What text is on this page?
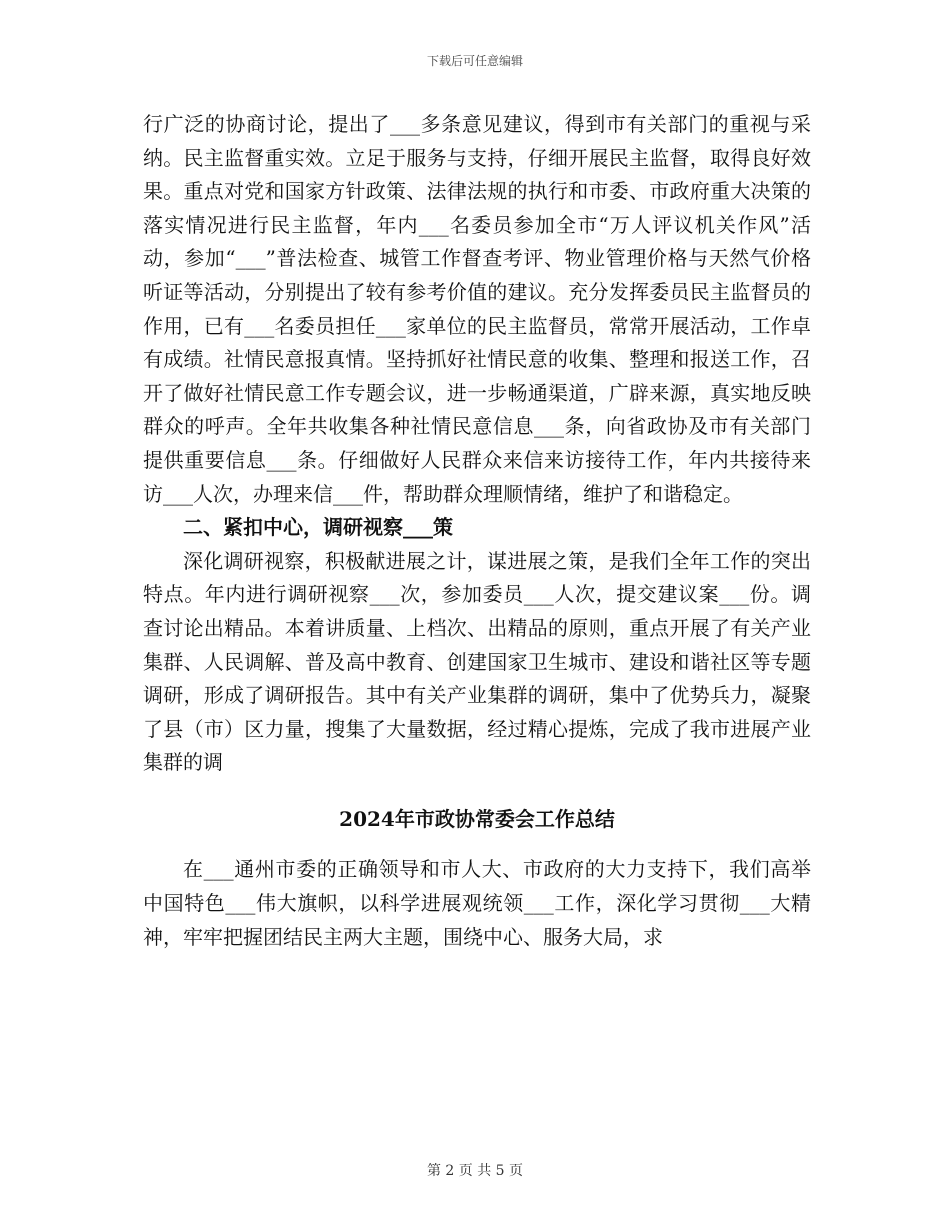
下载后可任意编辑

行广泛的协商讨论，提出了___多条意见建议，得到市有关部门的重视与采纳。民主监督重实效。立足于服务与支持，仔细开展民主监督，取得良好效果。重点对党和国家方针政策、法律法规的执行和市委、市政府重大决策的落实情况进行民主监督，年内___名委员参加全市“万人评议机关作风”活动，参加“___”普法检查、城管工作督查考评、物业管理价格与天然气价格听证等活动，分别提出了较有参考价值的建议。充分发挥委员民主监督员的作用，已有___名委员担任___家单位的民主监督员，常常开展活动，工作卓有成绩。社情民意报真情。坚持抓好社情民意的收集、整理和报送工作，召开了做好社情民意工作专题会议，进一步畅通渠道，广辟来源，真实地反映群众的呼声。全年共收集各种社情民意信息___条，向省政协及市有关部门提供重要信息___条。仔细做好人民群众来信来访接待工作，年内共接待来访___人次，办理来信___件，帮助群众理顺情绪，维护了和谐稳定。

二、紧扣中心，调研视察___策

深化调研视察，积极献进展之计，谋进展之策，是我们全年工作的突出特点。年内进行调研视察___次，参加委员___人次，提交建议案___份。调查讨论出精品。本着讲质量、上档次、出精品的原则，重点开展了有关产业集群、人民调解、普及高中教育、创建国家卫生城市、建设和谐社区等专题调研，形成了调研报告。其中有关产业集群的调研，集中了优势兵力，凝聚了县（市）区力量，搜集了大量数据，经过精心提炼，完成了我市进展产业集群的调

2024年市政协常委会工作总结

在___通州市委的正确领导和市人大、市政府的大力支持下，我们高举中国特色___伟大旗帜，以科学进展观统领___工作，深化学习贯彻___大精神，牢牢把握团结民主两大主题，围绕中心、服务大局，求

第 2 页 共 5 页
